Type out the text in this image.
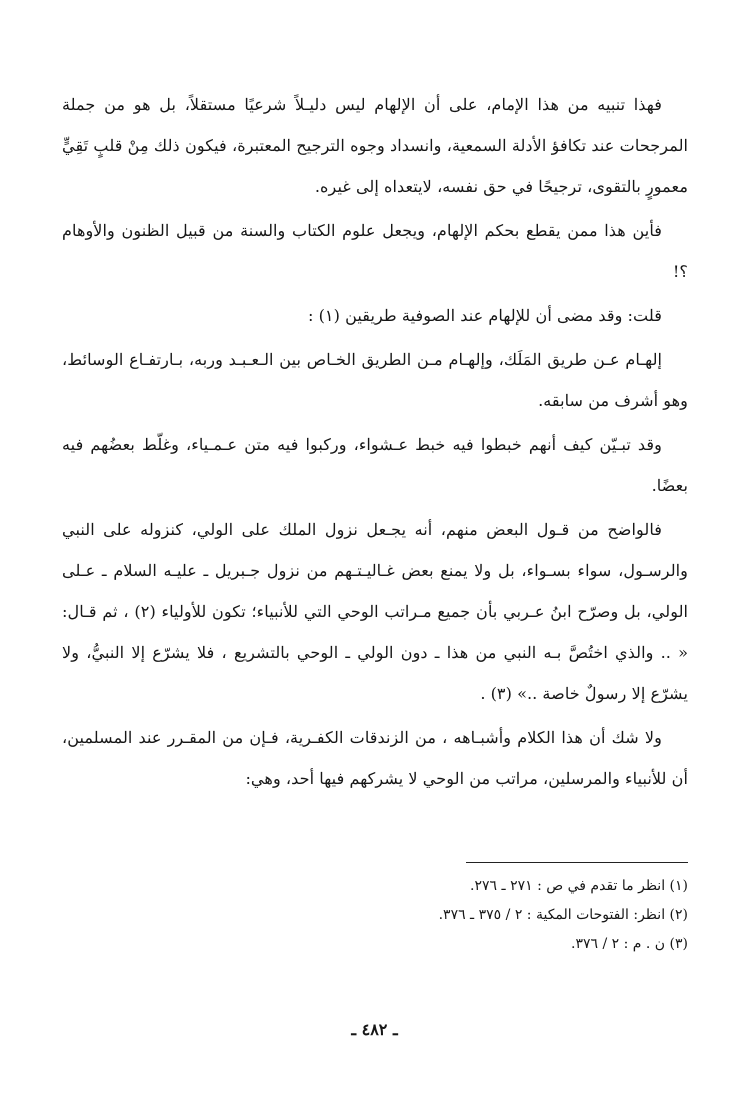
فهذا تنبيه من هذا الإمام، على أن الإلهام ليس دليـلاً شرعيًا مستقلاً، بل هو من جملة المرجحات عند تكافؤ الأدلة السمعية، وانسداد وجوه الترجيح المعتبرة، فيكون ذلك مِنْ قلبٍ تَقِيٍّ معمورٍ بالتقوى، ترجيحًا في حق نفسه، لايتعداه إلى غيره.

فأين هذا ممن يقطع بحكم الإلهام، ويجعل علوم الكتاب والسنة من قبيل الظنون والأوهام ؟!

قلت: وقد مضى أن للإلهام عند الصوفية طريقين (١) :

إلهـام عـن طريق المَلَك، وإلهـام مـن الطريق الخـاص بين الـعـبـد وربه، بـارتفـاع الوسائط، وهو أشرف من سابقه.

وقد تبـيّن كيف أنهم خبطوا فيه خبط عـشواء، وركبوا فيه متن عـمـياء، وغلّط بعضُهم فيه بعضًا.

فالواضح من قـول البعض منهم، أنه يجـعل نزول الملك على الولي، كنزوله على النبي والرسـول، سواء بسـواء، بل ولا يمنع بعض غـاليـتـهم من نزول جـبريل ـ عليـه السلام ـ عـلى الولي، بل وصرّح ابنُ عـربي بأن جميع مـراتب الوحي التي للأنبياء؛ تكون للأولياء (٢) ، ثم قـال: « .. والذي اختُصَّ بـه النبي من هذا ـ دون الولي ـ الوحي بالتشريع ، فلا يشرّع إلا النبيُّ، ولا يشرّع إلا رسولٌ خاصة ..» (٣) .

ولا شك أن هذا الكلام وأشبـاهه ، من الزندقات الكفـرية، فـإن من المقـرر عند المسلمين، أن للأنبياء والمرسلين، مراتب من الوحي لا يشركهم فيها أحد، وهي:

(١) انظر ما تقدم في ص : ٢٧١ ـ ٢٧٦.

(٢) انظر: الفتوحات المكية : ٢ / ٣٧٥ ـ ٣٧٦.

(٣) ن . م : ٢ / ٣٧٦.

ـ ٤٨٢ ـ
